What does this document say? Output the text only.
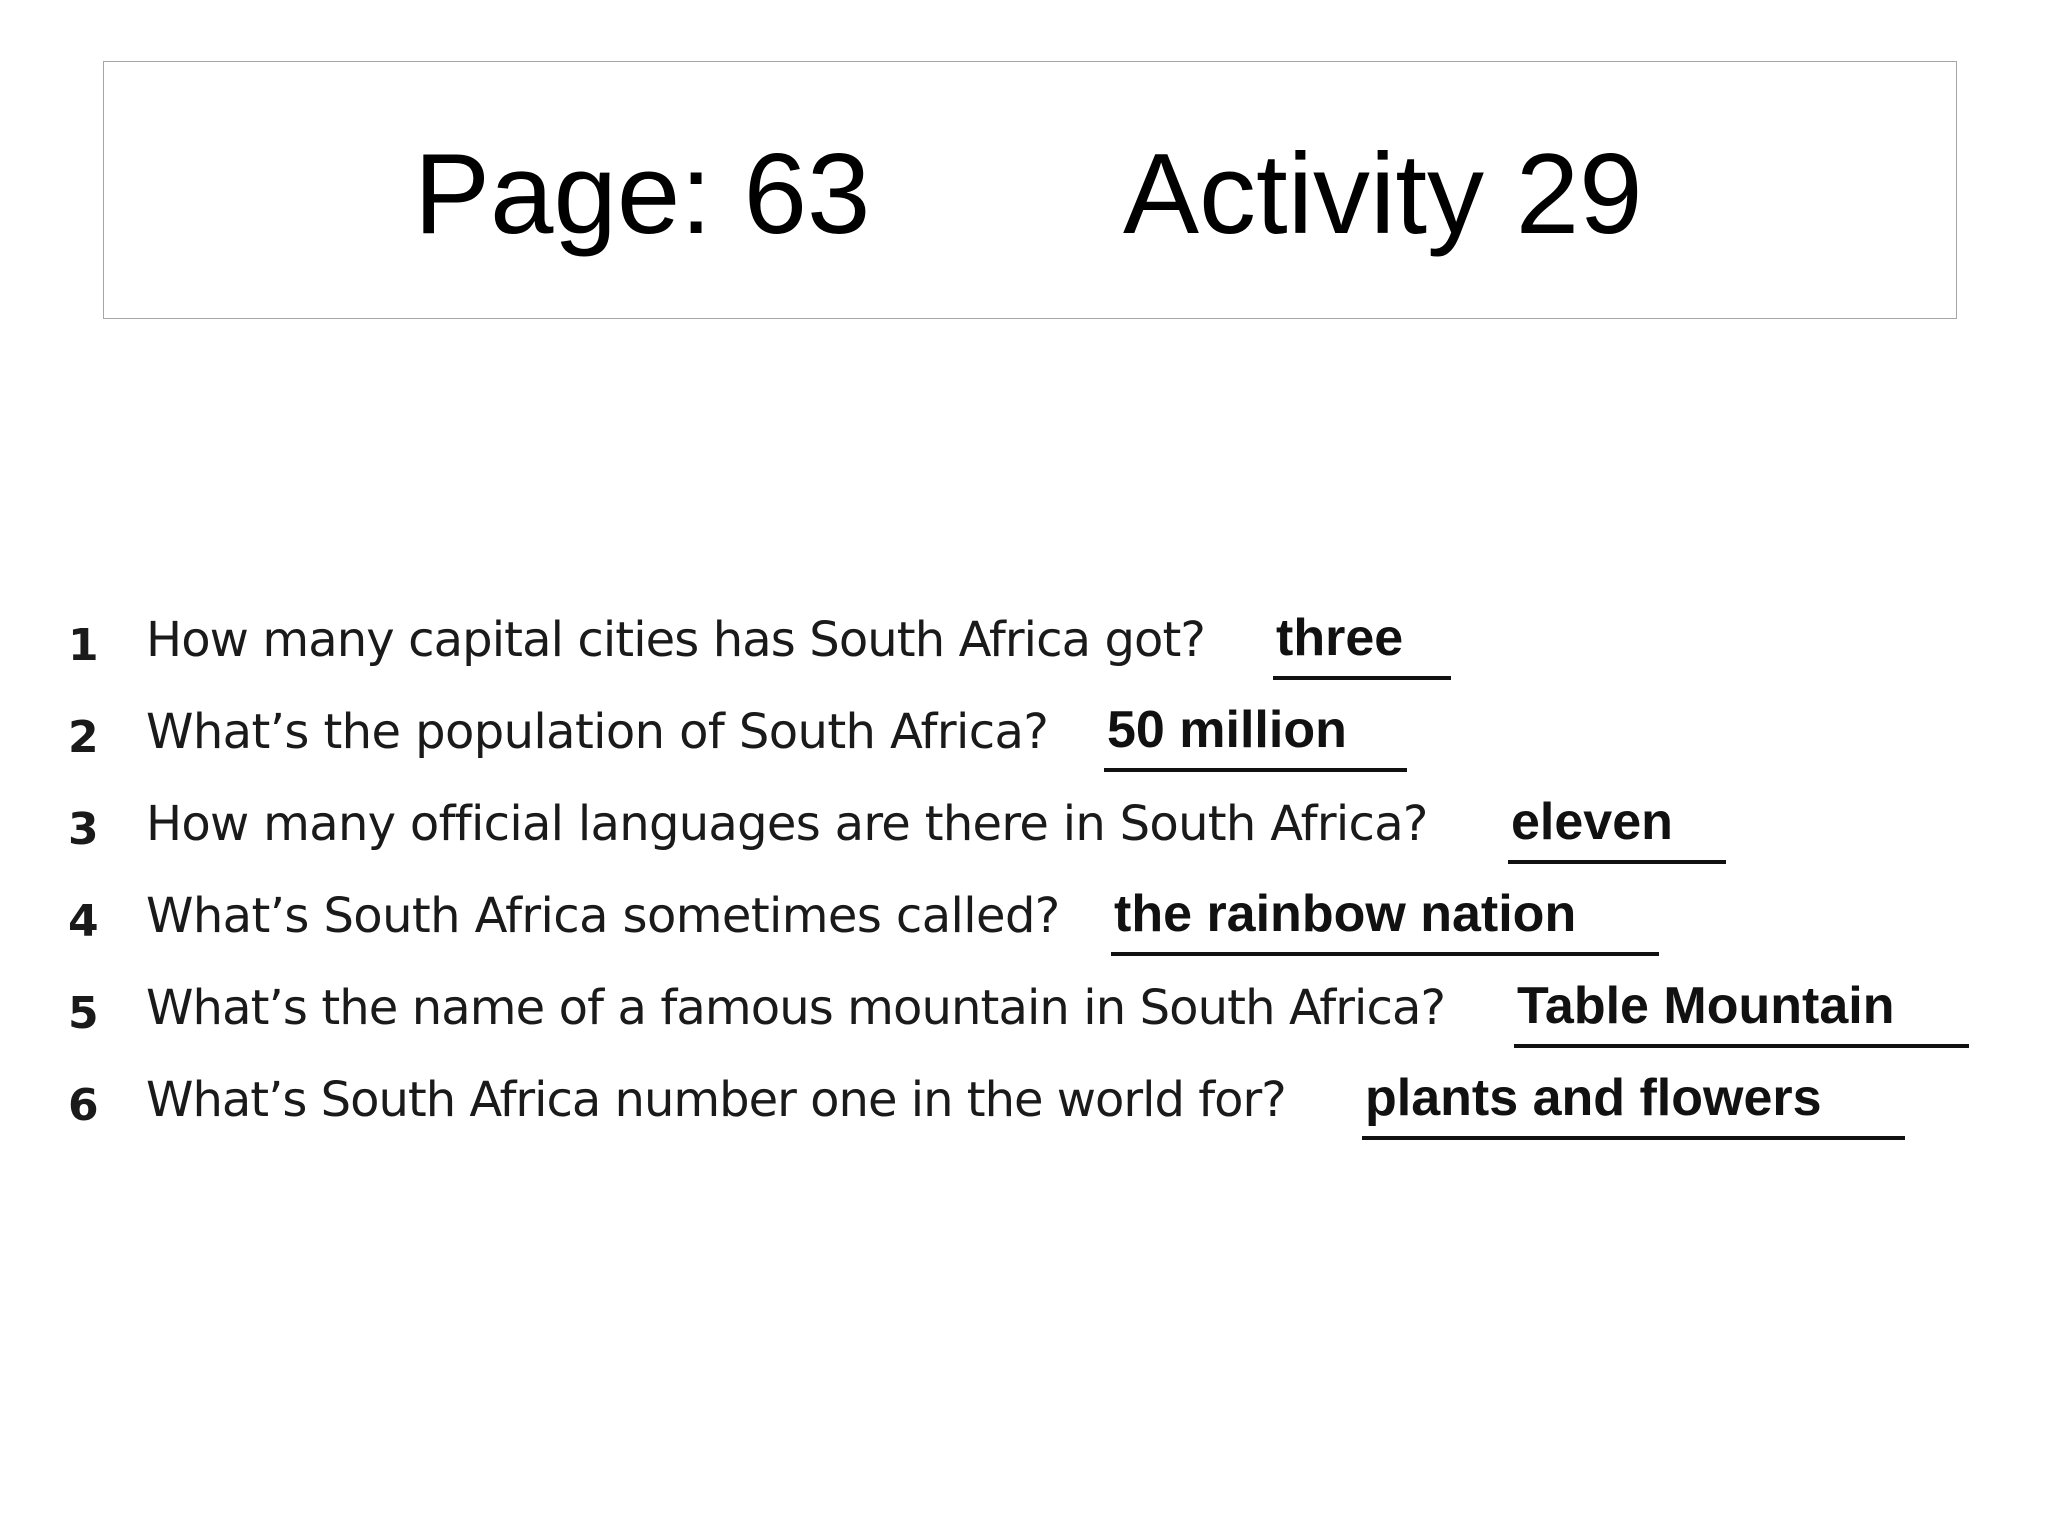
Page: 63 Activity 29
1 How many capital cities has South Africa got? three
2 What’s the population of South Africa? 50 million
3 How many official languages are there in South Africa? eleven
4 What’s South Africa sometimes called? the rainbow nation
5 What’s the name of a famous mountain in South Africa? Table Mountain
6 What’s South Africa number one in the world for? plants and flowers
